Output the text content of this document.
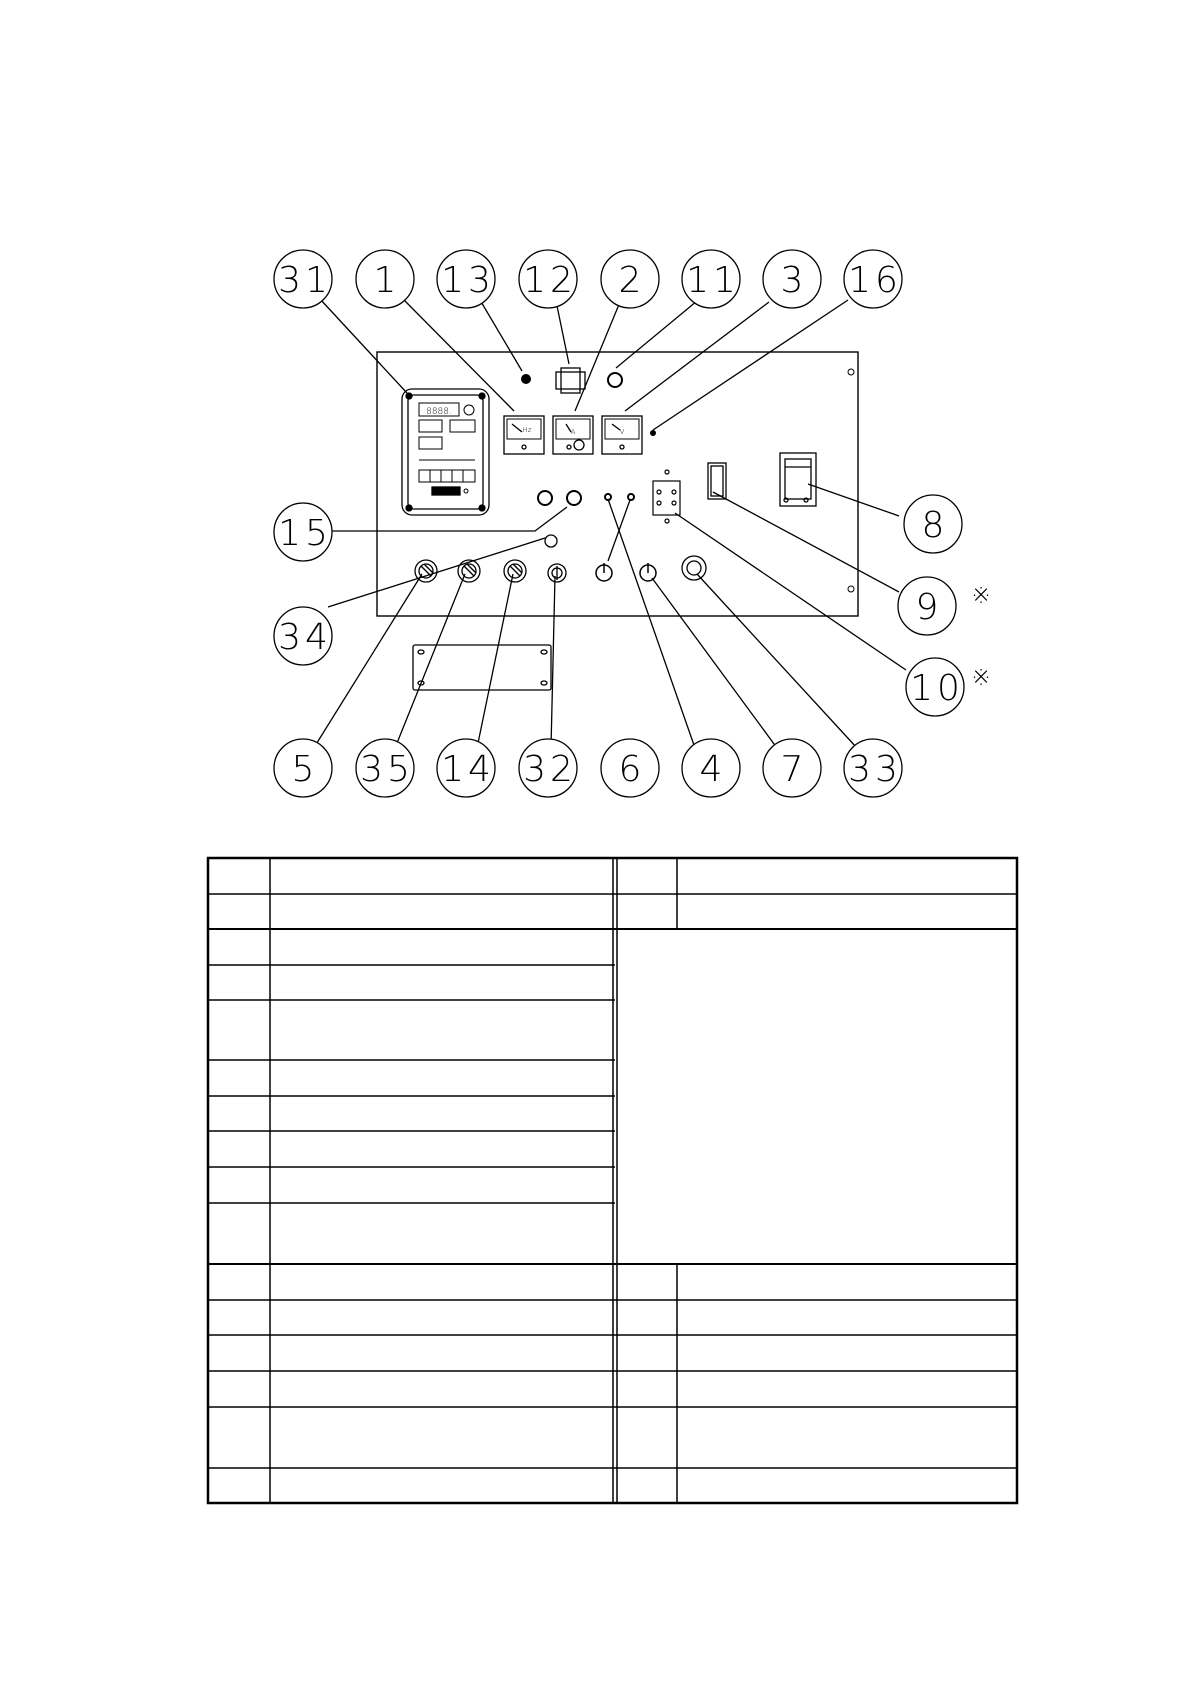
8888.
Hz	A	V
31 1 13 12 2 11 3 16
15	8
9
10
34
5 35 14 32 6 4 7 33
※
※
